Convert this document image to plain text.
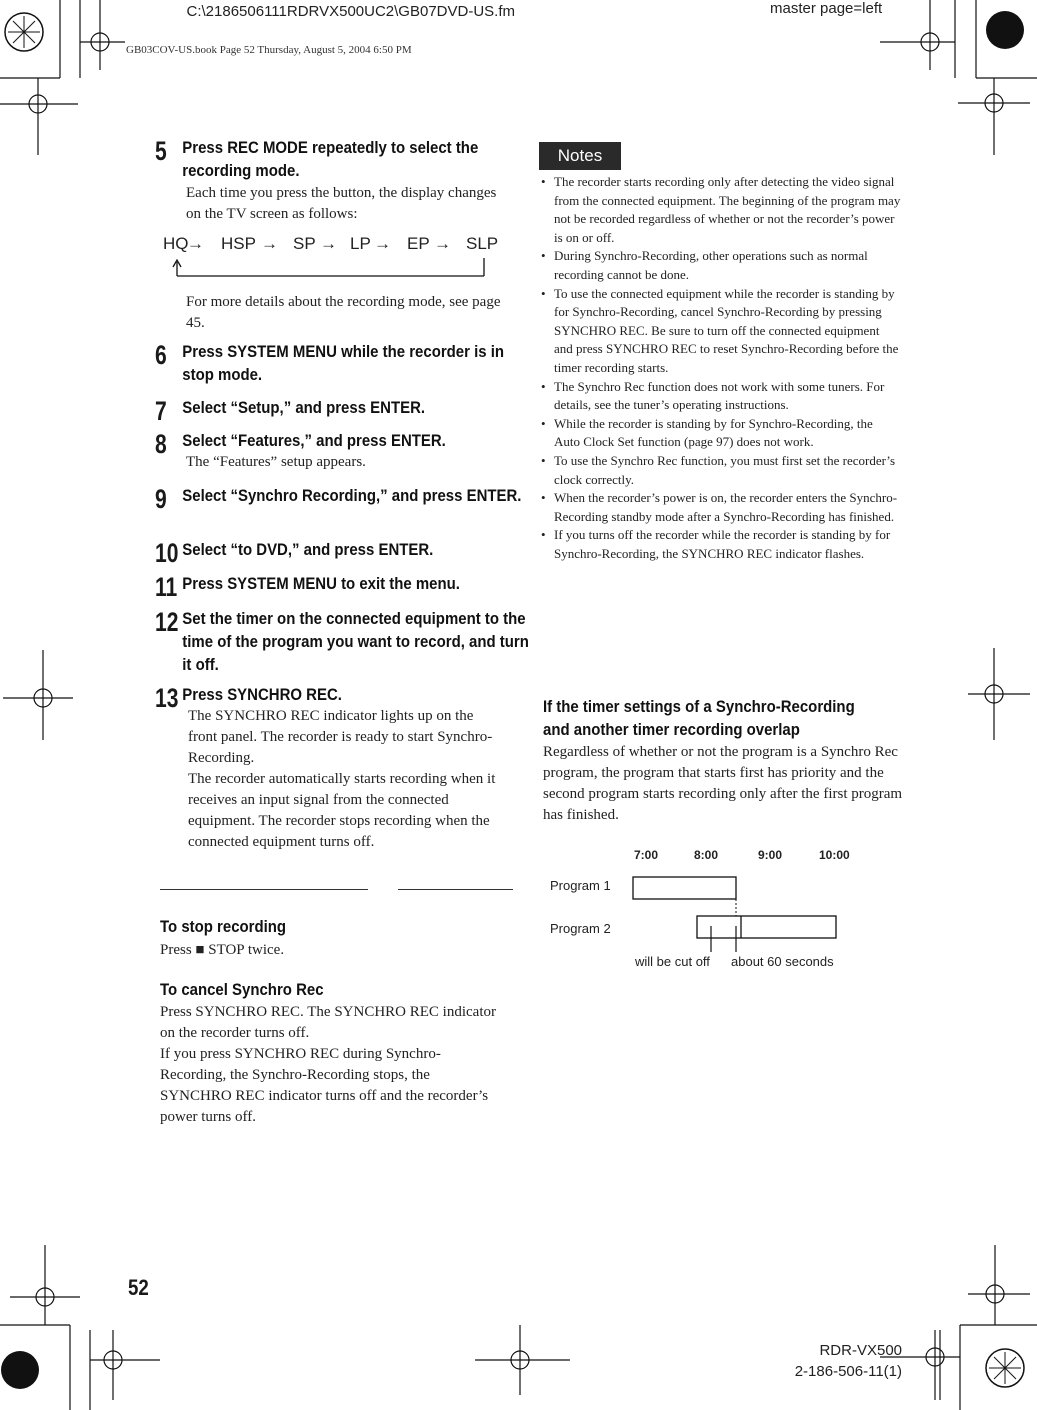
C:\2186506111RDRVX500UC2\GB07DVD-US.fm
GB03COV-US.book Page 52 Thursday, August 5, 2004 6:50 PM
master page=left
5 Press REC MODE repeatedly to select the recording mode.
Each time you press the button, the display changes on the TV screen as follows:
HQ
→ HSP → SP → LP → EP → SLP
For more details about the recording mode, see page 45.
6 Press SYSTEM MENU while the recorder is in stop mode.
7 Select “Setup,” and press ENTER.
8 Select “Features,” and press ENTER.
The “Features” setup appears.
9 Select “Synchro Recording,” and press ENTER.
10 Select “to DVD,” and press ENTER.
11 Press SYSTEM MENU to exit the menu.
12 Set the timer on the connected equipment to the time of the program you want to record, and turn it off.
13 Press SYNCHRO REC.
The SYNCHRO REC indicator lights up on the front panel. The recorder is ready to start Synchro-Recording.
The recorder automatically starts recording when it receives an input signal from the connected equipment. The recorder stops recording when the connected equipment turns off.
To stop recording
Press ■ STOP twice.
To cancel Synchro Rec
Press SYNCHRO REC. The SYNCHRO REC indicator on the recorder turns off.
If you press SYNCHRO REC during Synchro-Recording, the Synchro-Recording stops, the SYNCHRO REC indicator turns off and the recorder’s power turns off.
Notes
• The recorder starts recording only after detecting the video signal from the connected equipment. The beginning of the program may not be recorded regardless of whether or not the recorder’s power is on or off.
• During Synchro-Recording, other operations such as normal recording cannot be done.
• To use the connected equipment while the recorder is standing by for Synchro-Recording, cancel Synchro-Recording by pressing SYNCHRO REC. Be sure to turn off the connected equipment and press SYNCHRO REC to reset Synchro-Recording before the timer recording starts.
• The Synchro Rec function does not work with some tuners. For details, see the tuner’s operating instructions.
• While the recorder is standing by for Synchro-Recording, the Auto Clock Set function (page 97) does not work.
• To use the Synchro Rec function, you must first set the recorder’s clock correctly.
• When the recorder’s power is on, the recorder enters the Synchro-Recording standby mode after a Synchro-Recording has finished.
• If you turns off the recorder while the recorder is standing by for Synchro-Recording, the SYNCHRO REC indicator flashes.
If the timer settings of a Synchro-Recording and another timer recording overlap
Regardless of whether or not the program is a Synchro Rec program, the program that starts first has priority and the second program starts recording only after the first program has finished.
7:00	8:00	9:00	10:00
Program 1
Program 2
will be cut off about 60 seconds
52
RDR-VX500
2-186-506-11(1)
